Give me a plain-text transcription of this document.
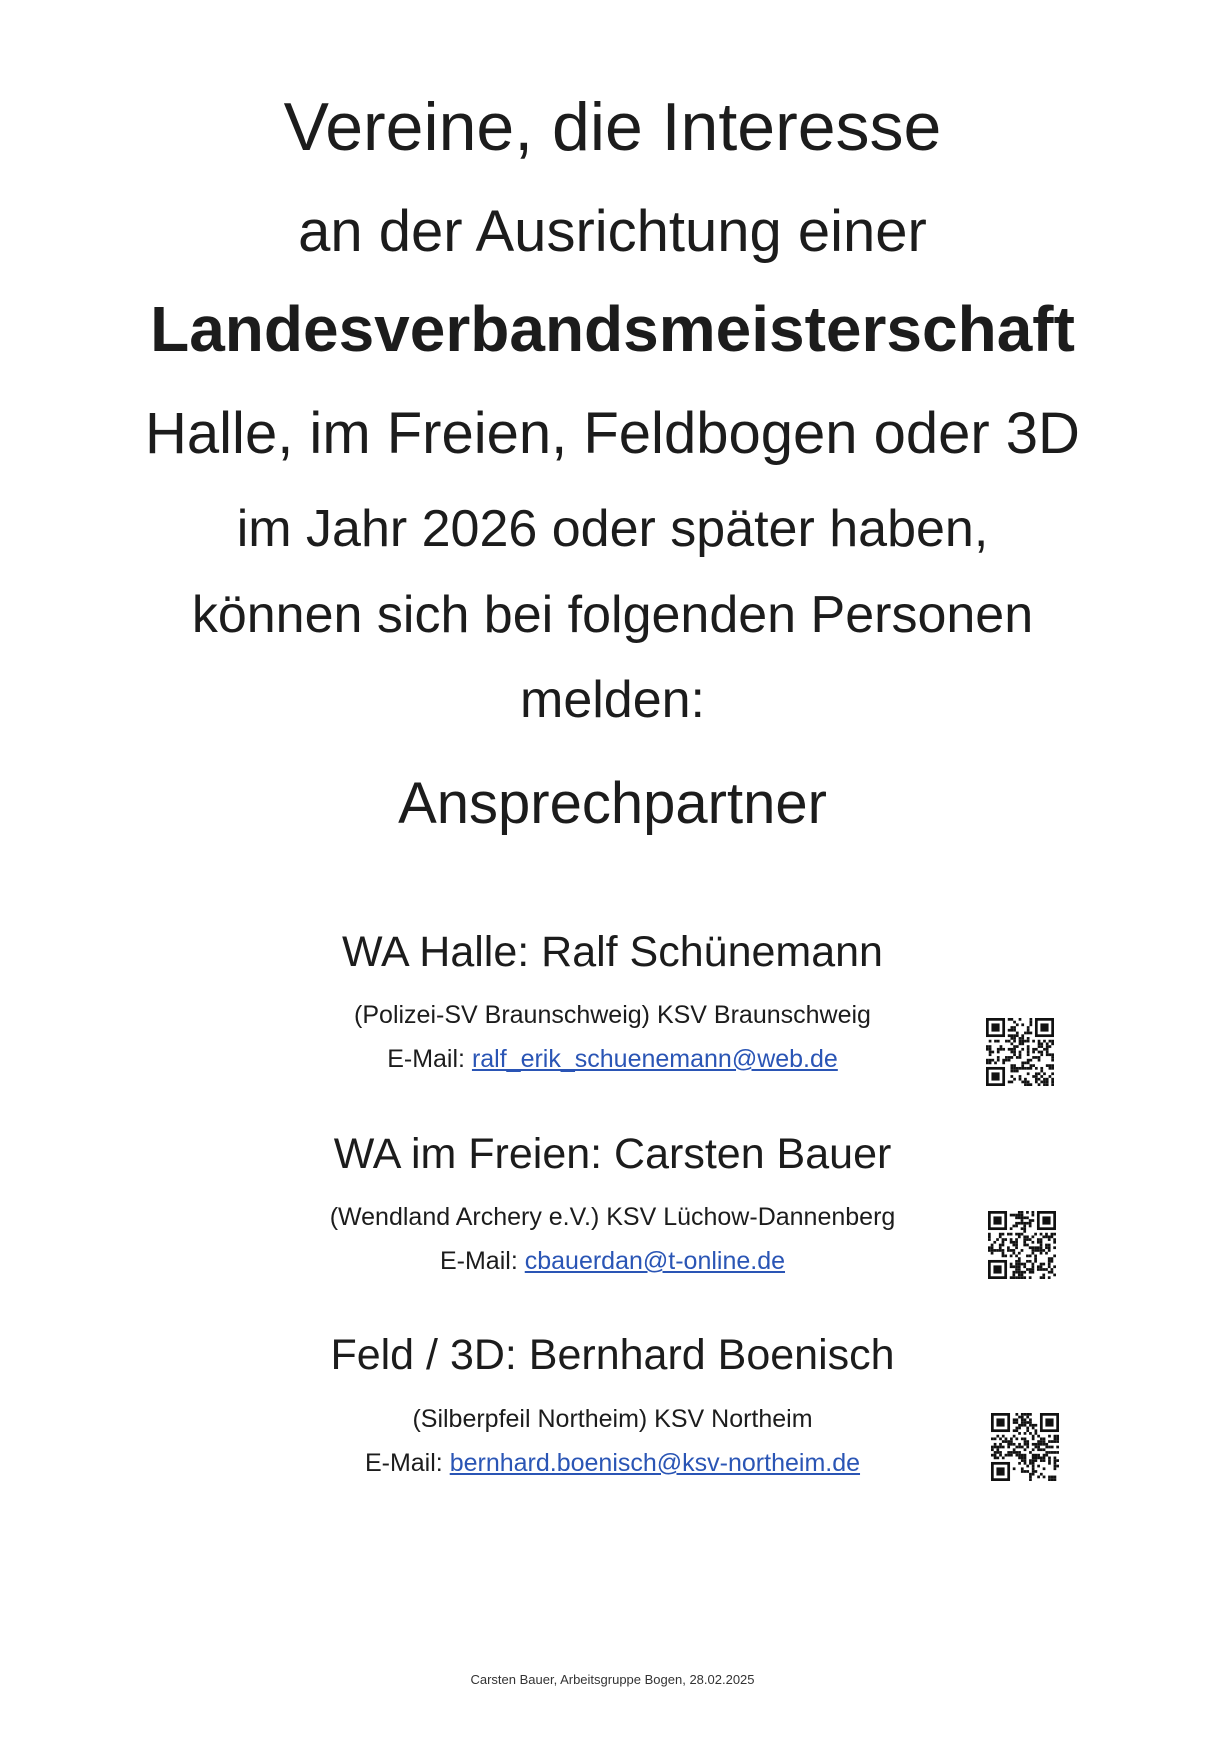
Vereine, die Interesse
an der Ausrichtung einer
Landesverbandsmeisterschaft
Halle, im Freien, Feldbogen oder 3D
im Jahr 2026 oder später haben,
können sich bei folgenden Personen
melden:
Ansprechpartner
WA Halle: Ralf Schünemann
(Polizei-SV Braunschweig) KSV Braunschweig
E-Mail: ralf_erik_schuenemann@web.de
WA im Freien: Carsten Bauer
(Wendland Archery e.V.) KSV Lüchow-Dannenberg
E-Mail: cbauerdan@t-online.de
Feld / 3D: Bernhard Boenisch
(Silberpfeil Northeim) KSV Northeim
E-Mail: bernhard.boenisch@ksv-northeim.de
Carsten Bauer, Arbeitsgruppe Bogen, 28.02.2025
